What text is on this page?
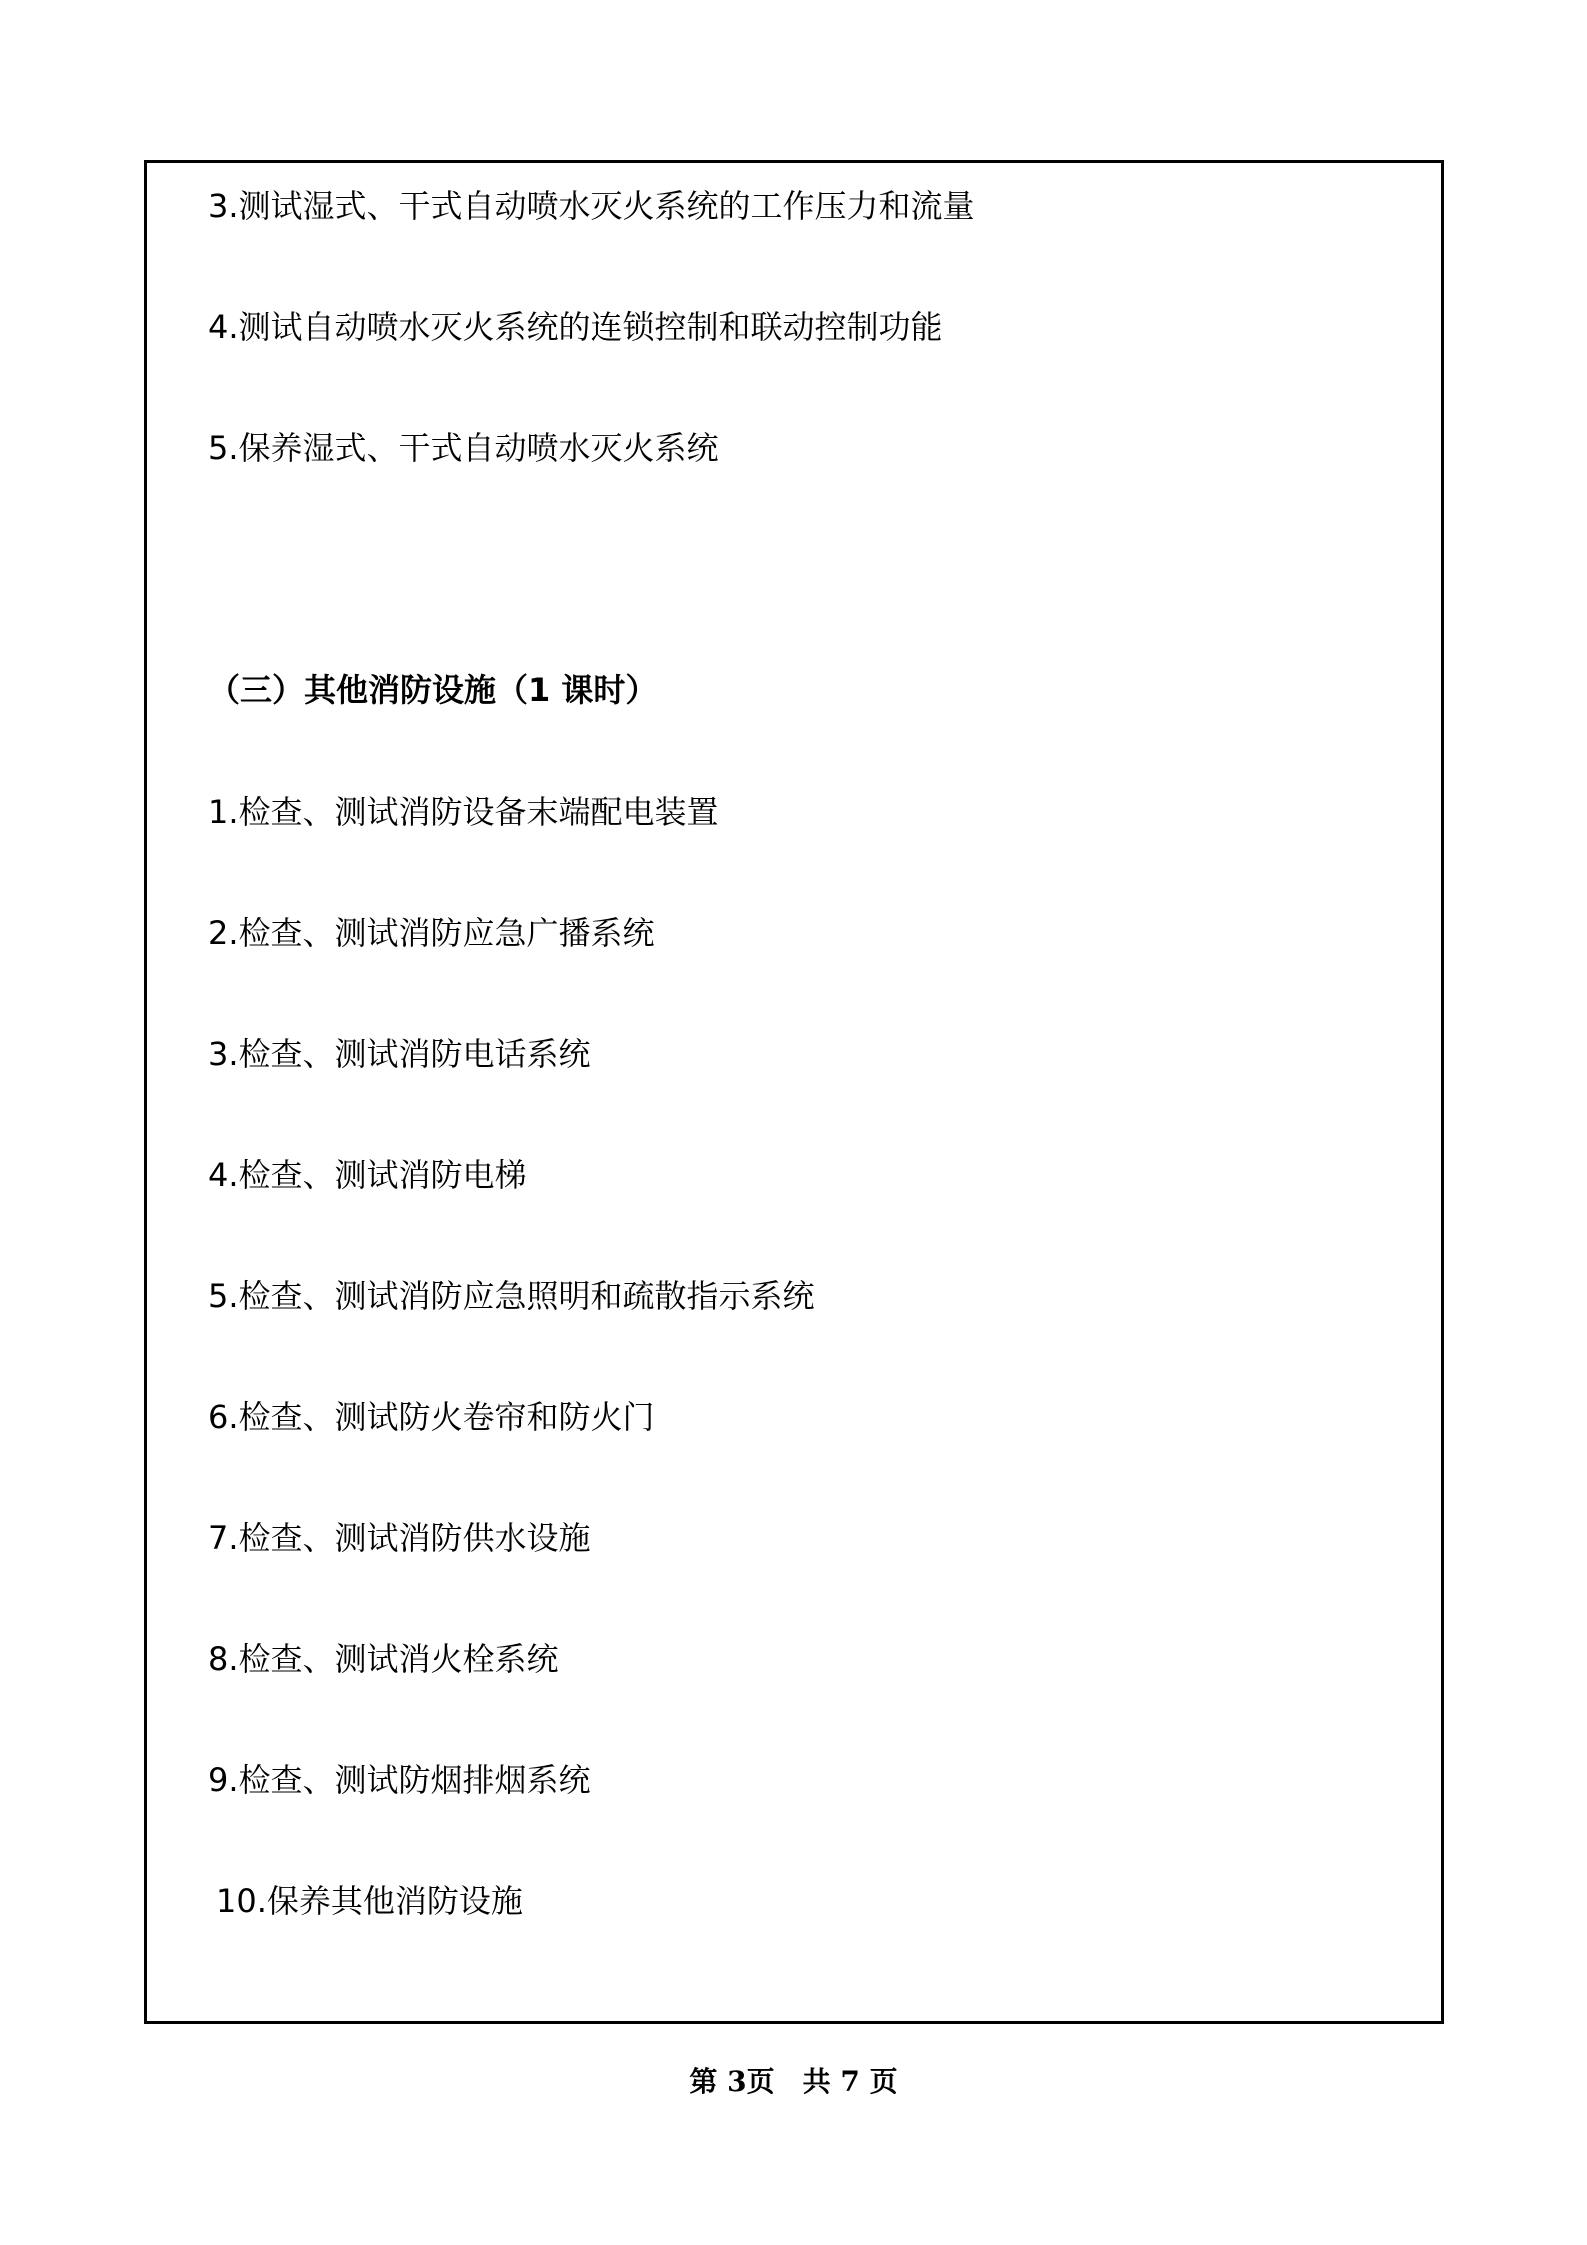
3.测试湿式、干式自动喷水灭火系统的工作压力和流量
4.测试自动喷水灭火系统的连锁控制和联动控制功能
5.保养湿式、干式自动喷水灭火系统
（三）其他消防设施（1 课时）
1.检查、测试消防设备末端配电装置
2.检查、测试消防应急广播系统
3.检查、测试消防电话系统
4.检查、测试消防电梯
5.检查、测试消防应急照明和疏散指示系统
6.检查、测试防火卷帘和防火门
7.检查、测试消防供水设施
8.检查、测试消火栓系统
9.检查、测试防烟排烟系统
10.保养其他消防设施
第 3页 共 7 页
